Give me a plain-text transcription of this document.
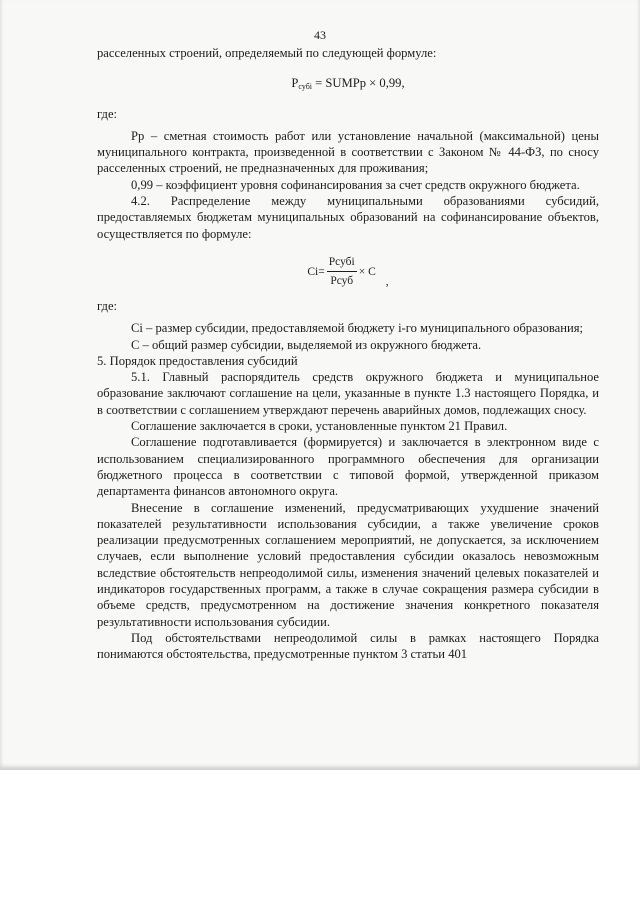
43

расселенных строений, определяемый по следующей формуле:

$Р_{субі}$ = SUMPp × 0,99,

где:

Рр – сметная стоимость работ или установление начальной (максимальной) цены муниципального контракта, произведенной в соответствии с Законом № 44-ФЗ, по сносу расселенных строений, не предназначенных для проживания;

0,99 – коэффициент уровня софинансирования за счет средств окружного бюджета.

4.2. Распределение между муниципальными образованиями субсидий, предоставляемых бюджетам муниципальных образований на софинансирование объектов, осуществляется по формуле:

$Ci= \frac{\text{Pсубi}}{\text{Pсуб}} \times C$
,

где:

Ci – размер субсидии, предоставляемой бюджету i-го муниципального образования;

С – общий размер субсидии, выделяемой из окружного бюджета.

5. Порядок предоставления субсидий

5.1. Главный распорядитель средств окружного бюджета и муниципальное образование заключают соглашение на цели, указанные в пункте 1.3 настоящего Порядка, и в соответствии с соглашением утверждают перечень аварийных домов, подлежащих сносу.

Соглашение заключается в сроки, установленные пунктом 21 Правил.

Соглашение подготавливается (формируется) и заключается в электронном виде с использованием специализированного программного обеспечения для организации бюджетного процесса в соответствии с типовой формой, утвержденной приказом департамента финансов автономного округа.

Внесение в соглашение изменений, предусматривающих ухудшение значений показателей результативности использования субсидии, а также увеличение сроков реализации предусмотренных соглашением мероприятий, не допускается, за исключением случаев, если выполнение условий предоставления субсидии оказалось невозможным вследствие обстоятельств непреодолимой силы, изменения значений целевых показателей и индикаторов государственных программ, а также в случае сокращения размера субсидии в объеме средств, предусмотренном на достижение значения конкретного показателя результативности использования субсидии.

Под обстоятельствами непреодолимой силы в рамках настоящего Порядка понимаются обстоятельства, предусмотренные пунктом 3 статьи 401
